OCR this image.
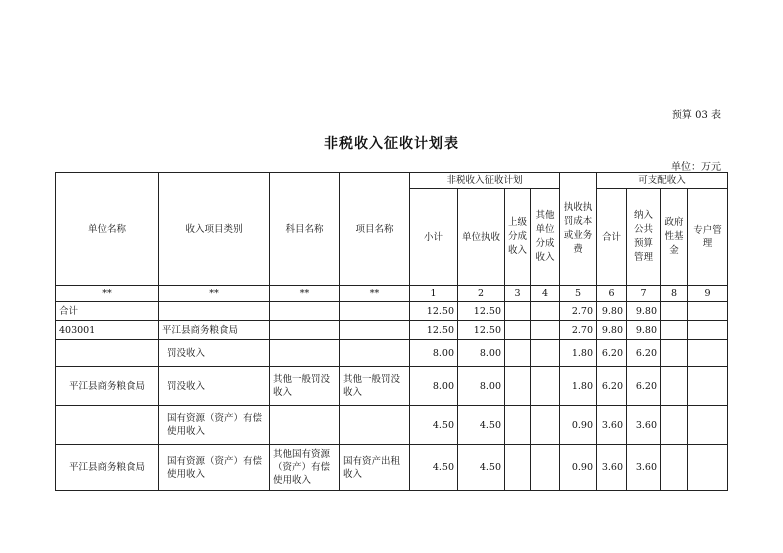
预算 03 表
非税收入征收计划表
单位：万元
单位名称	收入项目类别	科目名称	项目名称	非税收入征收计划				执收执罚成本或业务费	可支配收入			
				小计	单位执收	上级分成收入	其他单位分成收入		合计	纳入公共预算管理	政府性基金	专户管理
**	**	**	**	1	2	3	4	5	6	7	8	9
合计				12.50	12.50			2.70	9.80	9.80		
403001	平江县商务粮食局			12.50	12.50			2.70	9.80	9.80		
	罚没收入			8.00	8.00			1.80	6.20	6.20		
平江县商务粮食局	罚没收入	其他一般罚没收入	其他一般罚没收入	8.00	8.00			1.80	6.20	6.20		
	国有资源（资产）有偿使用收入			4.50	4.50			0.90	3.60	3.60		
平江县商务粮食局	国有资源（资产）有偿使用收入	其他国有资源（资产）有偿使用收入	国有资产出租收入	4.50	4.50			0.90	3.60	3.60		
